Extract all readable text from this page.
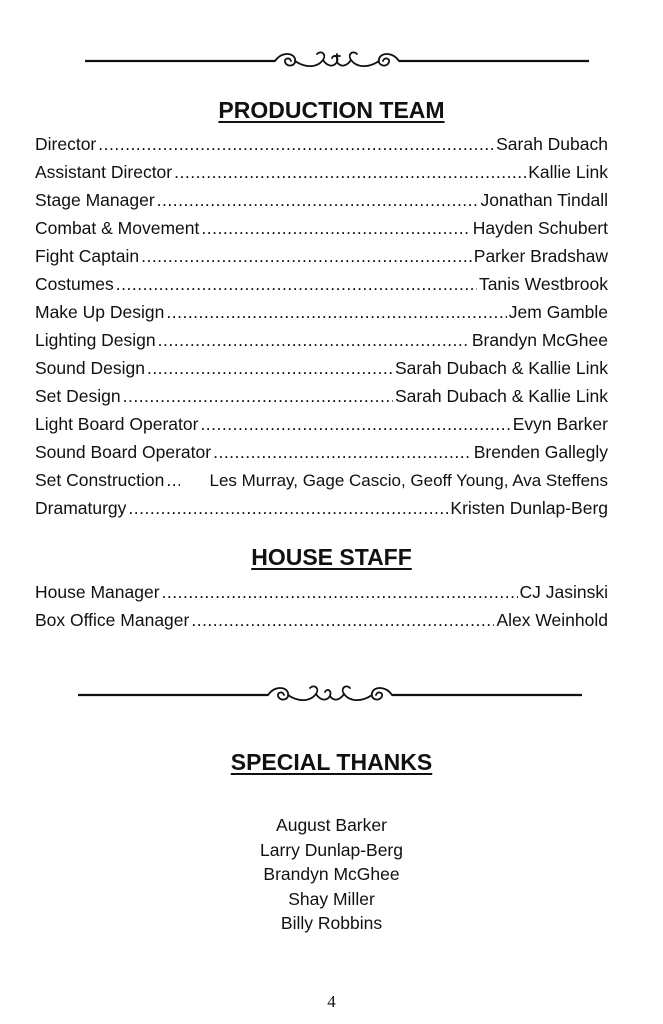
PRODUCTION TEAM
Director .....	Sarah Dubach
Assistant Director .....	Kallie Link
Stage Manager .....	Jonathan Tindall
Combat & Movement .....	Hayden Schubert
Fight Captain .....	Parker Bradshaw
Costumes .....	Tanis Westbrook
Make Up Design .....	Jem Gamble
Lighting Design .....	Brandyn McGhee
Sound Design .....	Sarah Dubach & Kallie Link
Set Design .....	Sarah Dubach & Kallie Link
Light Board Operator .....	Evyn Barker
Sound Board Operator .....	Brenden Gallegly
Set Construction .....	Les Murray, Gage Cascio, Geoff Young, Ava Steffens
Dramaturgy .....	Kristen Dunlap-Berg
HOUSE STAFF
House Manager .....	CJ Jasinski
Box Office Manager .....	Alex Weinhold
SPECIAL THANKS
August Barker
Larry Dunlap-Berg
Brandyn McGhee
Shay Miller
Billy Robbins
4
